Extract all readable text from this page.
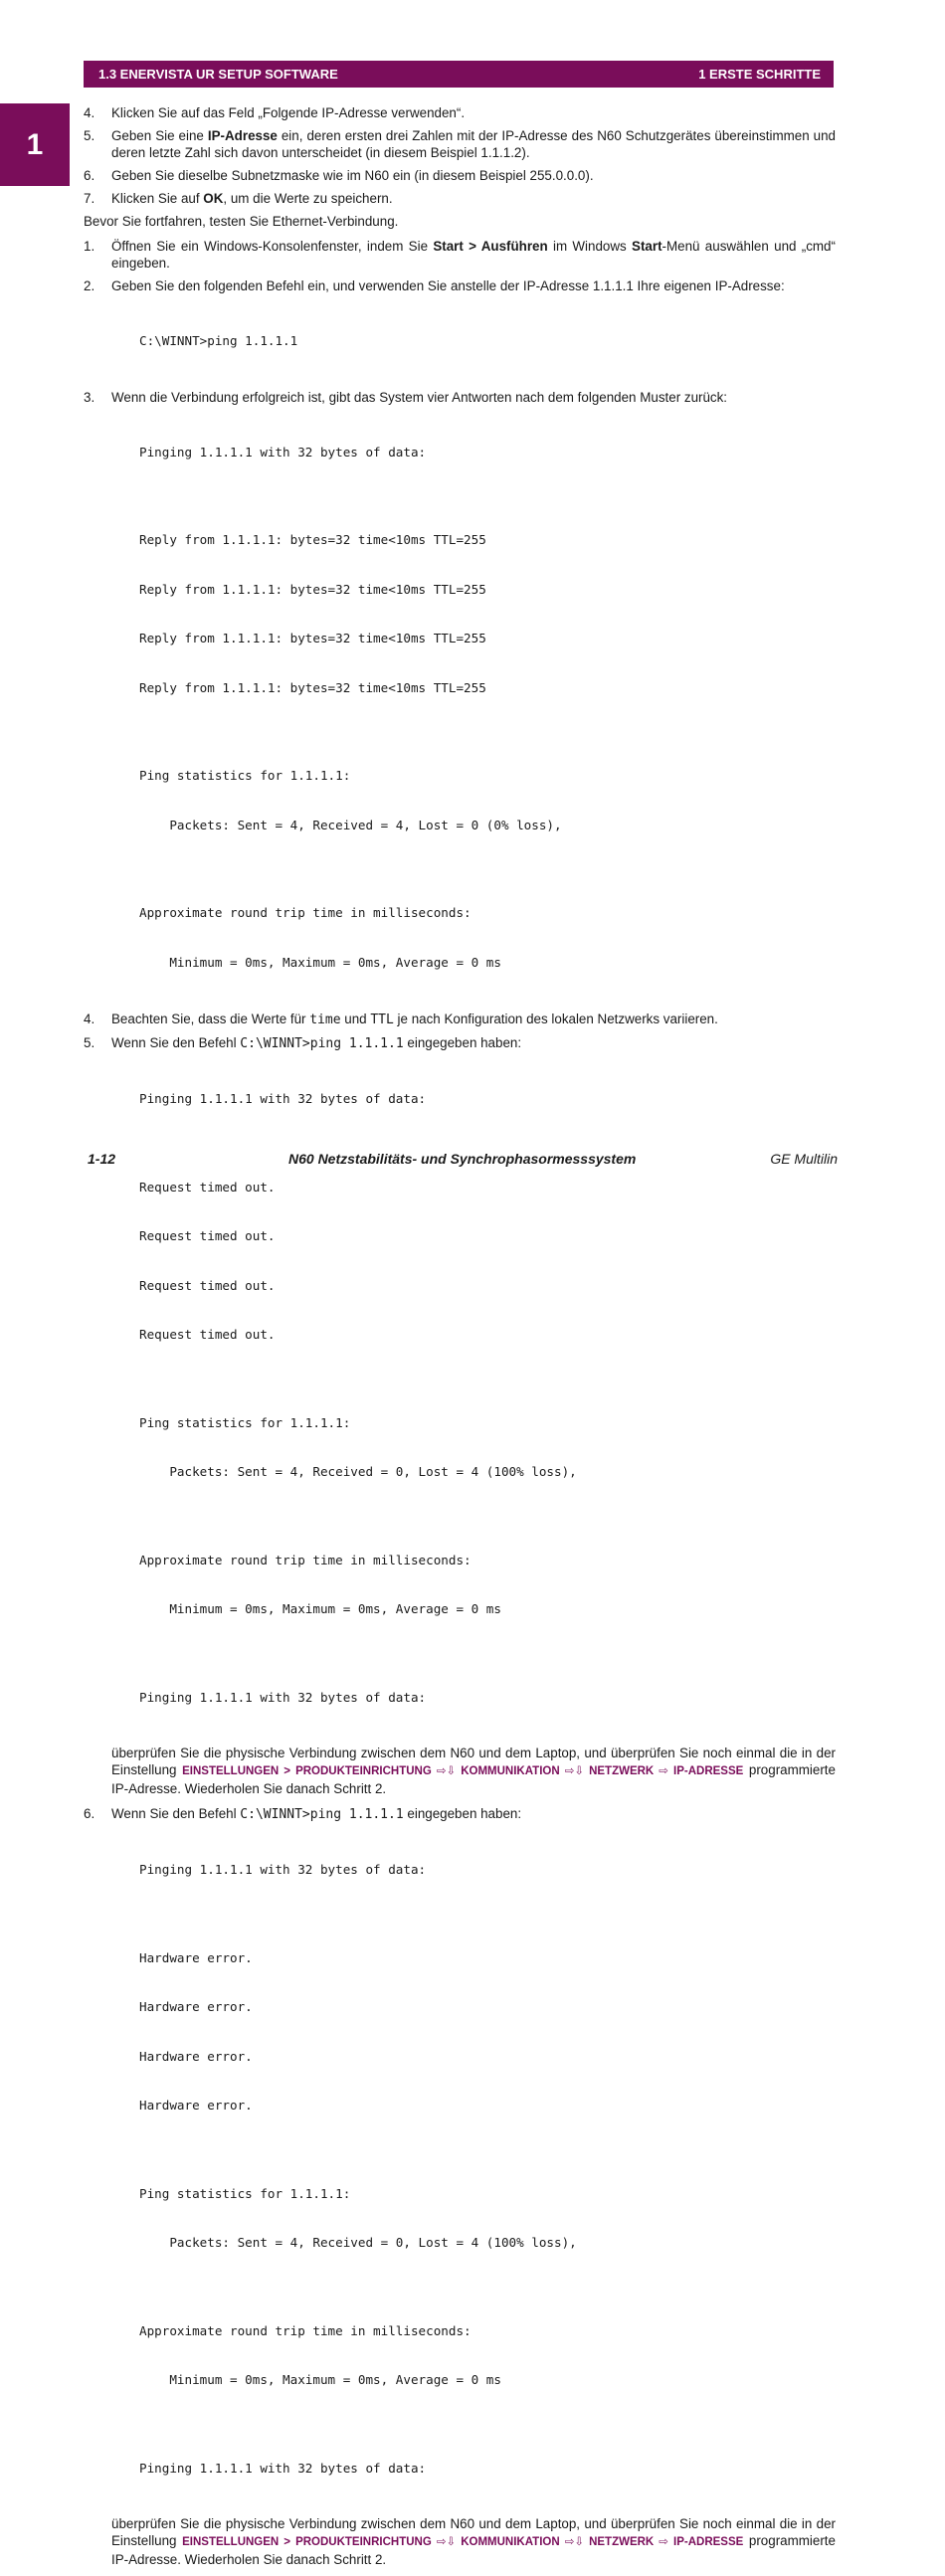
1.3 ENERVISTA UR SETUP SOFTWARE	1 ERSTE SCHRITTE
1
4. Klicken Sie auf das Feld „Folgende IP-Adresse verwenden“.
5. Geben Sie eine IP-Adresse ein, deren ersten drei Zahlen mit der IP-Adresse des N60 Schutzgerätes übereinstimmen und deren letzte Zahl sich davon unterscheidet (in diesem Beispiel 1.1.1.2).
6. Geben Sie dieselbe Subnetzmaske wie im N60 ein (in diesem Beispiel 255.0.0.0).
7. Klicken Sie auf OK, um die Werte zu speichern.
Bevor Sie fortfahren, testen Sie Ethernet-Verbindung.
1. Öffnen Sie ein Windows-Konsolenfenster, indem Sie Start > Ausführen im Windows Start-Menü auswählen und „cmd“ eingeben.
2. Geben Sie den folgenden Befehl ein, und verwenden Sie anstelle der IP-Adresse 1.1.1.1 Ihre eigenen IP-Adresse:

C:\WINNT>ping 1.1.1.1

3. Wenn die Verbindung erfolgreich ist, gibt das System vier Antworten nach dem folgenden Muster zurück:

Pinging 1.1.1.1 with 32 bytes of data:

Reply from 1.1.1.1: bytes=32 time<10ms TTL=255

Reply from 1.1.1.1: bytes=32 time<10ms TTL=255

Reply from 1.1.1.1: bytes=32 time<10ms TTL=255

Reply from 1.1.1.1: bytes=32 time<10ms TTL=255

Ping statistics for 1.1.1.1:

Packets: Sent = 4, Received = 4, Lost = 0 (0% loss),

Approximate round trip time in milliseconds:

Minimum = 0ms, Maximum = 0ms, Average = 0 ms

4. Beachten Sie, dass die Werte für time und TTL je nach Konfiguration des lokalen Netzwerks variieren.
5. Wenn Sie den Befehl C:\WINNT>ping 1.1.1.1 eingegeben haben:

Pinging 1.1.1.1 with 32 bytes of data:

Request timed out.

Request timed out.

Request timed out.

Request timed out.

Ping statistics for 1.1.1.1:

Packets: Sent = 4, Received = 0, Lost = 4 (100% loss),

Approximate round trip time in milliseconds:

Minimum = 0ms, Maximum = 0ms, Average = 0 ms

Pinging 1.1.1.1 with 32 bytes of data:

überprüfen Sie die physische Verbindung zwischen dem N60 und dem Laptop, und überprüfen Sie noch einmal die in der Einstellung EINSTELLUNGEN > PRODUKTEINRICHTUNG ⇨⇩ KOMMUNIKATION ⇨⇩ NETZWERK ⇨ IP-ADRESSE programmierte IP-Adresse. Wiederholen Sie danach Schritt 2.
6. Wenn Sie den Befehl C:\WINNT>ping 1.1.1.1 eingegeben haben:

Pinging 1.1.1.1 with 32 bytes of data:

Hardware error.

Hardware error.

Hardware error.

Hardware error.

Ping statistics for 1.1.1.1:

Packets: Sent = 4, Received = 0, Lost = 4 (100% loss),

Approximate round trip time in milliseconds:

Minimum = 0ms, Maximum = 0ms, Average = 0 ms

Pinging 1.1.1.1 with 32 bytes of data:

überprüfen Sie die physische Verbindung zwischen dem N60 und dem Laptop, und überprüfen Sie noch einmal die in der Einstellung EINSTELLUNGEN > PRODUKTEINRICHTUNG ⇨⇩ KOMMUNIKATION ⇨⇩ NETZWERK ⇨ IP-ADRESSE programmierte IP-Adresse. Wiederholen Sie danach Schritt 2.
1-12	N60 Netzstabilitäts- und Synchrophasormesssystem	GE Multilin
